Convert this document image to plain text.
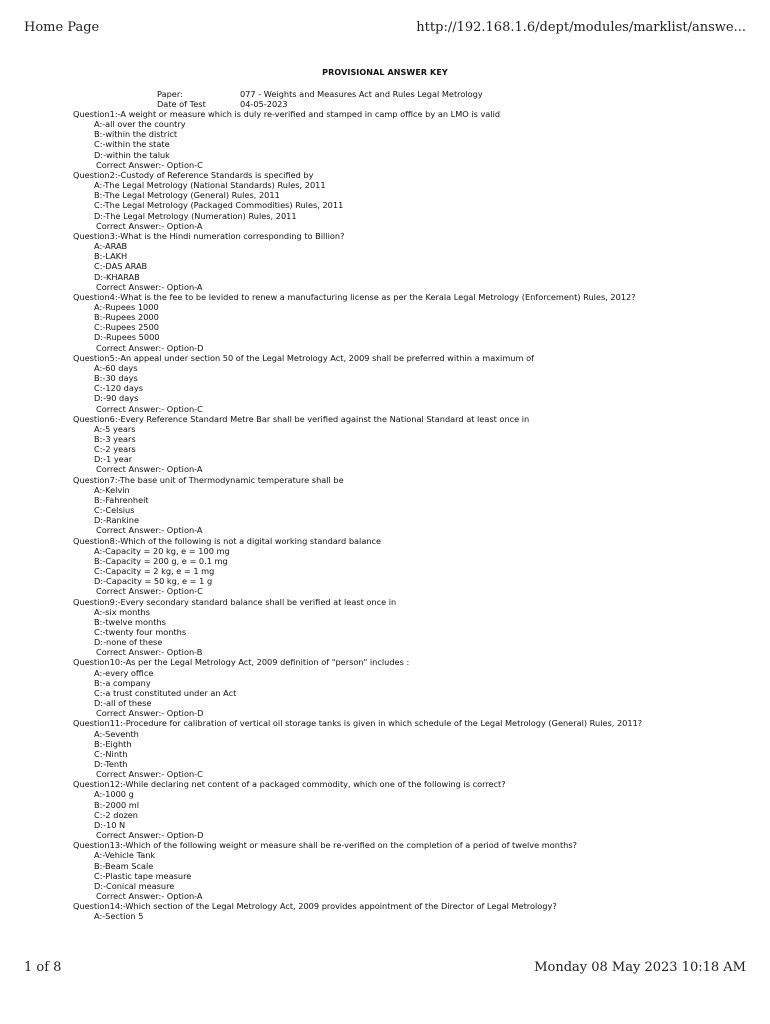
Home Page	http://192.168.1.6/dept/modules/marklist/answe...
PROVISIONAL ANSWER KEY
Paper:	077 - Weights and Measures Act and Rules Legal Metrology
Date of Test	04-05-2023
Question1:-A weight or measure which is duly re-verified and stamped in camp office by an LMO is valid
A:-all over the country
B:-within the district
C:-within the state
D:-within the taluk
Correct Answer:- Option-C
Question2:-Custody of Reference Standards is specified by
A:-The Legal Metrology (National Standards) Rules, 2011
B:-The Legal Metrology (General) Rules, 2011
C:-The Legal Metrology (Packaged Commodities) Rules, 2011
D:-The Legal Metrology (Numeration) Rules, 2011
Correct Answer:- Option-A
Question3:-What is the Hindi numeration corresponding to Billion?
A:-ARAB
B:-LAKH
C:-DAS ARAB
D:-KHARAB
Correct Answer:- Option-A
Question4:-What is the fee to be levided to renew a manufacturing license as per the Kerala Legal Metrology (Enforcement) Rules, 2012?
A:-Rupees 1000
B:-Rupees 2000
C:-Rupees 2500
D:-Rupees 5000
Correct Answer:- Option-D
Question5:-An appeal under section 50 of the Legal Metrology Act, 2009 shall be preferred within a maximum of
A:-60 days
B:-30 days
C:-120 days
D:-90 days
Correct Answer:- Option-C
Question6:-Every Reference Standard Metre Bar shall be verified against the National Standard at least once in
A:-5 years
B:-3 years
C:-2 years
D:-1 year
Correct Answer:- Option-A
Question7:-The base unit of Thermodynamic temperature shall be
A:-Kelvin
B:-Fahrenheit
C:-Celsius
D:-Rankine
Correct Answer:- Option-A
Question8:-Which of the following is not a digital working standard balance
A:-Capacity = 20 kg, e = 100 mg
B:-Capacity = 200 g, e = 0.1 mg
C:-Capacity = 2 kg, e = 1 mg
D:-Capacity = 50 kg, e = 1 g
Correct Answer:- Option-C
Question9:-Every secondary standard balance shall be verified at least once in
A:-six months
B:-twelve months
C:-twenty four months
D:-none of these
Correct Answer:- Option-B
Question10:-As per the Legal Metrology Act, 2009 definition of "person" includes :
A:-every office
B:-a company
C:-a trust constituted under an Act
D:-all of these
Correct Answer:- Option-D
Question11:-Procedure for calibration of vertical oil storage tanks is given in which schedule of the Legal Metrology (General) Rules, 2011?
A:-Seventh
B:-Eighth
C:-Ninth
D:-Tenth
Correct Answer:- Option-C
Question12:-While declaring net content of a packaged commodity, which one of the following is correct?
A:-1000 g
B:-2000 ml
C:-2 dozen
D:-10 N
Correct Answer:- Option-D
Question13:-Which of the following weight or measure shall be re-verified on the completion of a period of twelve months?
A:-Vehicle Tank
B:-Beam Scale
C:-Plastic tape measure
D:-Conical measure
Correct Answer:- Option-A
Question14:-Which section of the Legal Metrology Act, 2009 provides appointment of the Director of Legal Metrology?
A:-Section 5
1 of 8	Monday 08 May 2023 10:18 AM
